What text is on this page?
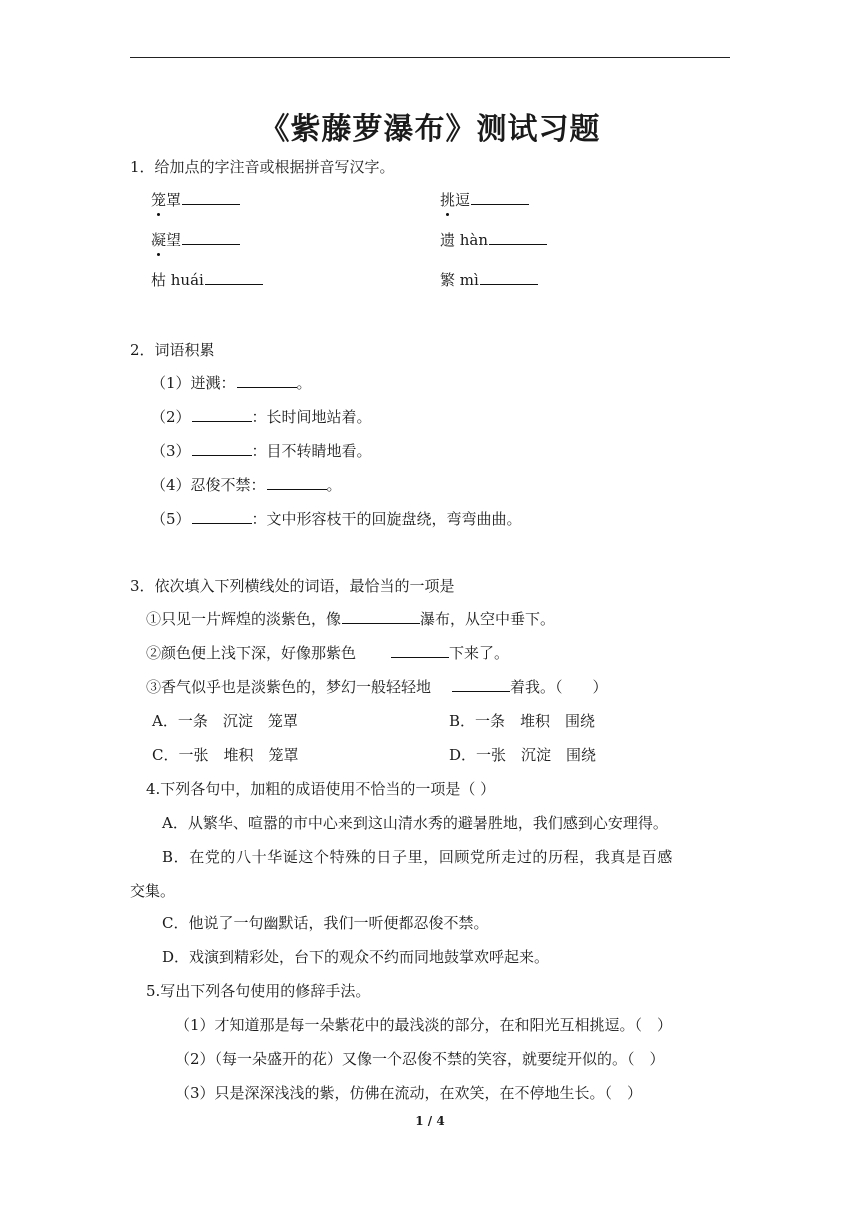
《紫藤萝瀑布》测试习题
1．给加点的字注音或根据拼音写汉字。
笼罩	挑逗
凝望	遗 hàn
枯 huái	繁 mì
2．词语积累
（1）迸溅：	。
（2）	：长时间地站着。
（3）	：目不转睛地看。
（4）忍俊不禁：	。
（5）	：文中形容枝干的回旋盘绕，弯弯曲曲。
3．依次填入下列横线处的词语，最恰当的一项是
①只见一片辉煌的淡紫色，像	瀑布，从空中垂下。
②颜色便上浅下深，好像那紫色	下来了。
③香气似乎也是淡紫色的，梦幻一般轻轻地	着我。（　　）
A．一条　沉淀　笼罩	B．一条　堆积　围绕
C．一张　堆积　笼罩	D．一张　沉淀　围绕
4.下列各句中，加粗的成语使用不恰当的一项是（ ）
A．从繁华、喧嚣的市中心来到这山清水秀的避暑胜地，我们感到心安理得。
B．在党的八十华诞这个特殊的日子里，回顾党所走过的历程，我真是百感
交集。
C．他说了一句幽默话，我们一听便都忍俊不禁。
D．戏演到精彩处，台下的观众不约而同地鼓掌欢呼起来。
5.写出下列各句使用的修辞手法。
（1）才知道那是每一朵紫花中的最浅淡的部分，在和阳光互相挑逗。（　）
（2）（每一朵盛开的花）又像一个忍俊不禁的笑容，就要绽开似的。（　）
（3）只是深深浅浅的紫，仿佛在流动，在欢笑，在不停地生长。（　）
1 / 4
